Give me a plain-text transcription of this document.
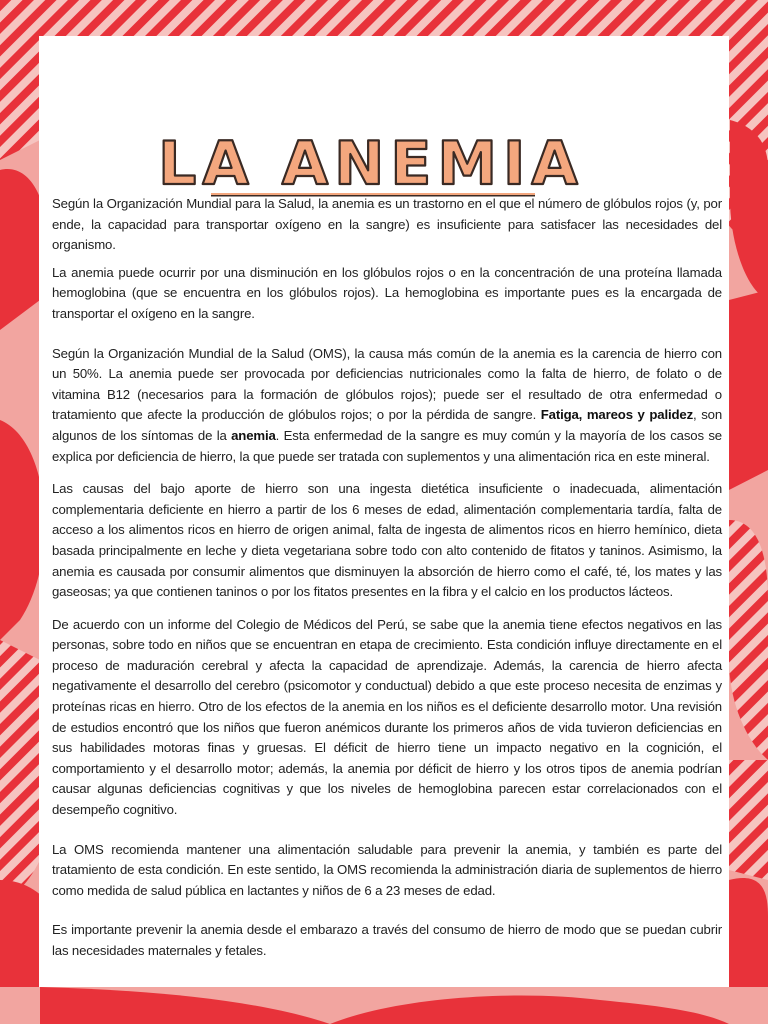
LA ANEMIA

Según la Organización Mundial para la Salud, la anemia es un trastorno en el que el número de glóbulos rojos (y, por ende, la capacidad para transportar oxígeno en la sangre) es insuficiente para satisfacer las necesidades del organismo.

La anemia puede ocurrir por una disminución en los glóbulos rojos o en la concentración de una proteína llamada hemoglobina (que se encuentra en los glóbulos rojos). La hemoglobina es importante pues es la encargada de transportar el oxígeno en la sangre.

Según la Organización Mundial de la Salud (OMS), la causa más común de la anemia es la carencia de hierro con un 50%. La anemia puede ser provocada por deficiencias nutricionales como la falta de hierro, de folato o de vitamina B12 (necesarios para la formación de glóbulos rojos); puede ser el resultado de otra enfermedad o tratamiento que afecte la producción de glóbulos rojos; o por la pérdida de sangre. Fatiga, mareos y palidez, son algunos de los síntomas de la anemia. Esta enfermedad de la sangre es muy común y la mayoría de los casos se explica por deficiencia de hierro, la que puede ser tratada con suplementos y una alimentación rica en este mineral.

Las causas del bajo aporte de hierro son una ingesta dietética insuficiente o inadecuada, alimentación complementaria deficiente en hierro a partir de los 6 meses de edad, alimentación complementaria tardía, falta de acceso a los alimentos ricos en hierro de origen animal, falta de ingesta de alimentos ricos en hierro hemínico, dieta basada principalmente en leche y dieta vegetariana sobre todo con alto contenido de fitatos y taninos. Asimismo, la anemia es causada por consumir alimentos que disminuyen la absorción de hierro como el café, té, los mates y las gaseosas; ya que contienen taninos o por los fitatos presentes en la fibra y el calcio en los productos lácteos.

De acuerdo con un informe del Colegio de Médicos del Perú, se sabe que la anemia tiene efectos negativos en las personas, sobre todo en niños que se encuentran en etapa de crecimiento. Esta condición influye directamente en el proceso de maduración cerebral y afecta la capacidad de aprendizaje. Además, la carencia de hierro afecta negativamente el desarrollo del cerebro (psicomotor y conductual) debido a que este proceso necesita de enzimas y proteínas ricas en hierro. Otro de los efectos de la anemia en los niños es el deficiente desarrollo motor. Una revisión de estudios encontró que los niños que fueron anémicos durante los primeros años de vida tuvieron deficiencias en sus habilidades motoras finas y gruesas. El déficit de hierro tiene un impacto negativo en la cognición, el comportamiento y el desarrollo motor; además, la anemia por déficit de hierro y los otros tipos de anemia podrían causar algunas deficiencias cognitivas y que los niveles de hemoglobina parecen estar correlacionados con el desempeño cognitivo.

La OMS recomienda mantener una alimentación saludable para prevenir la anemia, y también es parte del tratamiento de esta condición. En este sentido, la OMS recomienda la administración diaria de suplementos de hierro como medida de salud pública en lactantes y niños de 6 a 23 meses de edad.

Es importante prevenir la anemia desde el embarazo a través del consumo de hierro de modo que se puedan cubrir las necesidades maternales y fetales.
